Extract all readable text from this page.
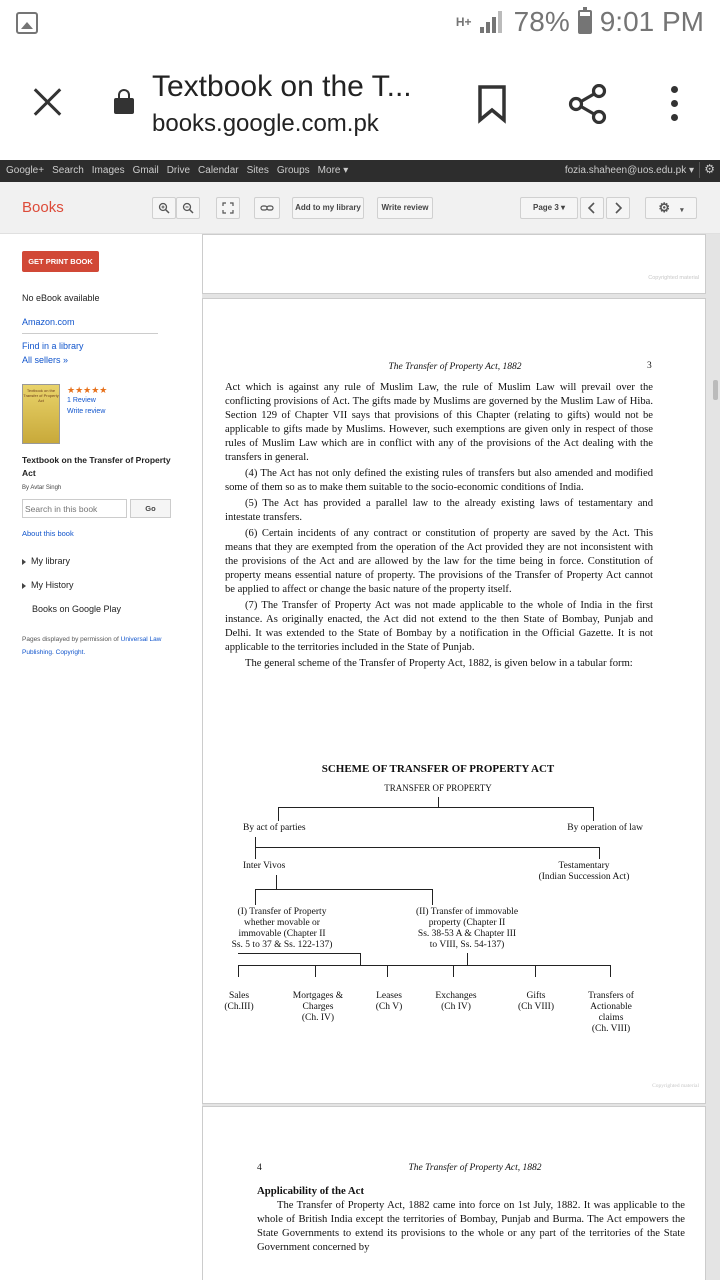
H+ 78% 9:01 PM
Textbook on the T...
books.google.com.pk
Google+ Search Images Gmail Drive Calendar Sites Groups More ▾	fozia.shaheen@uos.edu.pk ▾ ⚙
Books	Add to my library	Write review	Page 3 ▾	⚙ ▾
GET PRINT BOOK
No eBook available
Amazon.com
Find in a library
All sellers »
Textbook on the Transfer of Property Act
★★★★★
1 Review
Write review
Textbook on the Transfer of Property Act
By Avtar Singh
Search in this book
Go
About this book
My library
My History
Books on Google Play
Pages displayed by permission of Universal Law Publishing. Copyright.
Copyrighted material
The Transfer of Property Act, 1882	3

Act which is against any rule of Muslim Law, the rule of Muslim Law will prevail over the conflicting provisions of Act. The gifts made by Muslims are governed by the Muslim Law of Hiba. Section 129 of Chapter VII says that provisions of this Chapter (relating to gifts) would not be applicable to gifts made by Muslims. However, such exemptions are given only in respect of those rules of Muslim Law which are in conflict with any of the provisions of the Act dealing with the transfers in general.

(4) The Act has not only defined the existing rules of transfers but also amended and modified some of them so as to make them suitable to the socio-economic conditions of India.

(5) The Act has provided a parallel law to the already existing laws of testamentary and intestate transfers.

(6) Certain incidents of any contract or constitution of property are saved by the Act. This means that they are exempted from the operation of the Act provided they are not inconsistent with the provisions of the Act and are allowed by the law for the time being in force. Constitution of property means essential nature of property. The provisions of the Transfer of Property Act cannot be applied to affect or change the basic nature of the property itself.

(7) The Transfer of Property Act was not made applicable to the whole of India in the first instance. As originally enacted, the Act did not extend to the then State of Bombay, Punjab and Delhi. It was extended to the State of Bombay by a notification in the Official Gazette. It is not applicable to the territories included in the State of Punjab.

The general scheme of the Transfer of Property Act, 1882, is given below in a tabular form:

SCHEME OF TRANSFER OF PROPERTY ACT
TRANSFER OF PROPERTY
By act of parties	By operation of law
Inter Vivos	Testamentary
(Indian Succession Act)
(I) Transfer of Property
whether movable or
immovable (Chapter II
Ss. 5 to 37 & Ss. 122-137)
(II) Transfer of immovable
property (Chapter II
Ss. 38-53 A & Chapter III
to VIII, Ss. 54-137)
Sales
(Ch.III)
Mortgages &
Charges
(Ch. IV)
Leases
(Ch V)
Exchanges
(Ch IV)
Gifts
(Ch VIII)
Transfers of
Actionable
claims
(Ch. VIII)
Copyrighted material
4	The Transfer of Property Act, 1882
Applicability of the Act
The Transfer of Property Act, 1882 came into force on 1st July, 1882. It was applicable to the whole of British India except the territories of Bombay, Punjab and Burma. The Act empowers the State Governments to extend its provisions to the whole or any part of the territories of the State Government concerned by
